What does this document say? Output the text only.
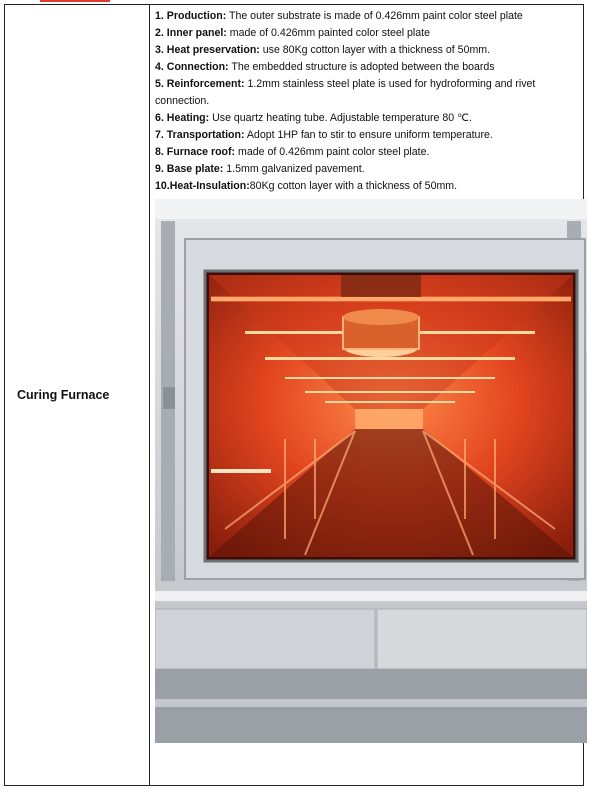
Curing Furnace	
1. Production: The outer substrate is made of 0.426mm paint color steel plate
2. Inner panel: made of 0.426mm painted color steel plate
3. Heat preservation: use 80Kg cotton layer with a thickness of 50mm.
4. Connection: The embedded structure is adopted between the boards
5. Reinforcement: 1.2mm stainless steel plate is used for hydroforming and rivet connection.
6. Heating: Use quartz heating tube. Adjustable temperature 80 ℃.
7. Transportation: Adopt 1HP fan to stir to ensure uniform temperature.
8. Furnace roof: made of 0.426mm paint color steel plate.
9. Base plate: 1.5mm galvanized pavement.
10.Heat-Insulation:80Kg cotton layer with a thickness of 50mm.
